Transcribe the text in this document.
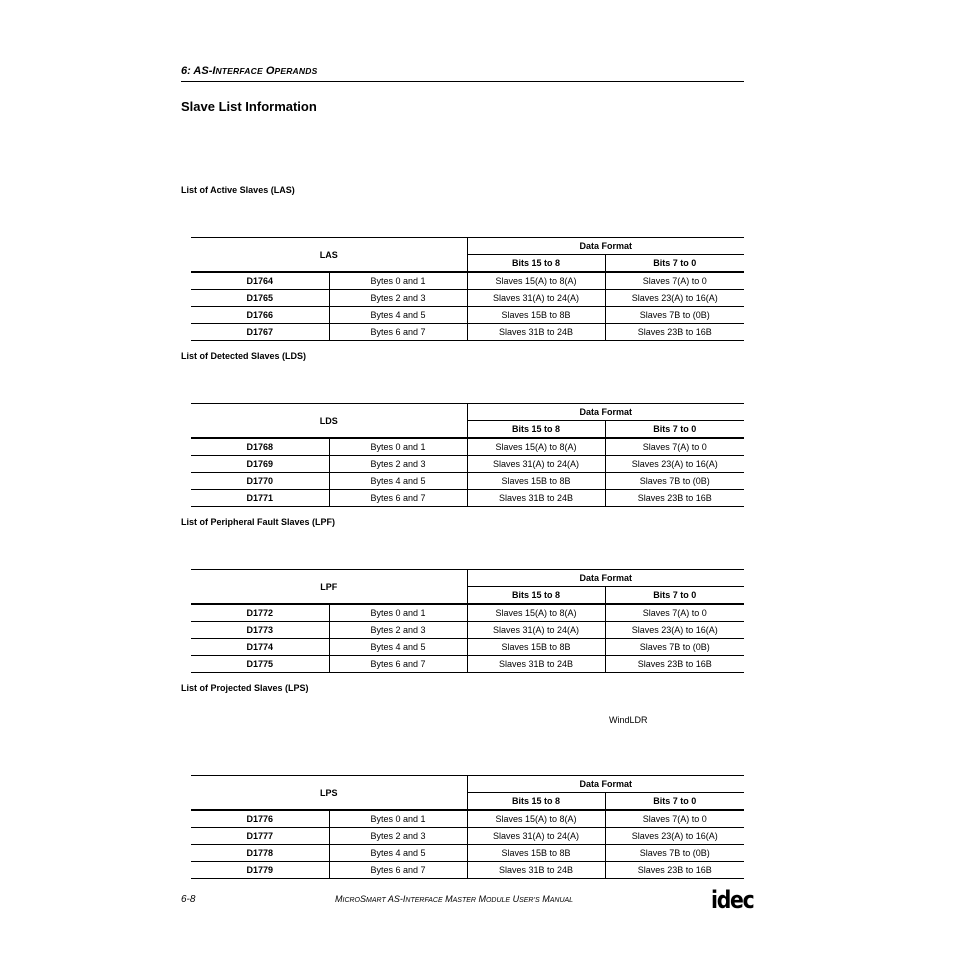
6: AS-INTERFACE OPERANDS
Slave List Information
List of Active Slaves (LAS)
LAS		Data Format	
		Bits 15 to 8	Bits 7 to 0
D1764	Bytes 0 and 1	Slaves 15(A) to 8(A)	Slaves 7(A) to 0
D1765	Bytes 2 and 3	Slaves 31(A) to 24(A)	Slaves 23(A) to 16(A)
D1766	Bytes 4 and 5	Slaves 15B to 8B	Slaves 7B to (0B)
D1767	Bytes 6 and 7	Slaves 31B to 24B	Slaves 23B to 16B
List of Detected Slaves (LDS)
LDS		Data Format	
		Bits 15 to 8	Bits 7 to 0
D1768	Bytes 0 and 1	Slaves 15(A) to 8(A)	Slaves 7(A) to 0
D1769	Bytes 2 and 3	Slaves 31(A) to 24(A)	Slaves 23(A) to 16(A)
D1770	Bytes 4 and 5	Slaves 15B to 8B	Slaves 7B to (0B)
D1771	Bytes 6 and 7	Slaves 31B to 24B	Slaves 23B to 16B
List of Peripheral Fault Slaves (LPF)
LPF		Data Format	
		Bits 15 to 8	Bits 7 to 0
D1772	Bytes 0 and 1	Slaves 15(A) to 8(A)	Slaves 7(A) to 0
D1773	Bytes 2 and 3	Slaves 31(A) to 24(A)	Slaves 23(A) to 16(A)
D1774	Bytes 4 and 5	Slaves 15B to 8B	Slaves 7B to (0B)
D1775	Bytes 6 and 7	Slaves 31B to 24B	Slaves 23B to 16B
List of Projected Slaves (LPS)
WindLDR
LPS		Data Format	
		Bits 15 to 8	Bits 7 to 0
D1776	Bytes 0 and 1	Slaves 15(A) to 8(A)	Slaves 7(A) to 0
D1777	Bytes 2 and 3	Slaves 31(A) to 24(A)	Slaves 23(A) to 16(A)
D1778	Bytes 4 and 5	Slaves 15B to 8B	Slaves 7B to (0B)
D1779	Bytes 6 and 7	Slaves 31B to 24B	Slaves 23B to 16B
6-8	MICROSMART AS-INTERFACE MASTER MODULE USER’S MANUAL	idec
